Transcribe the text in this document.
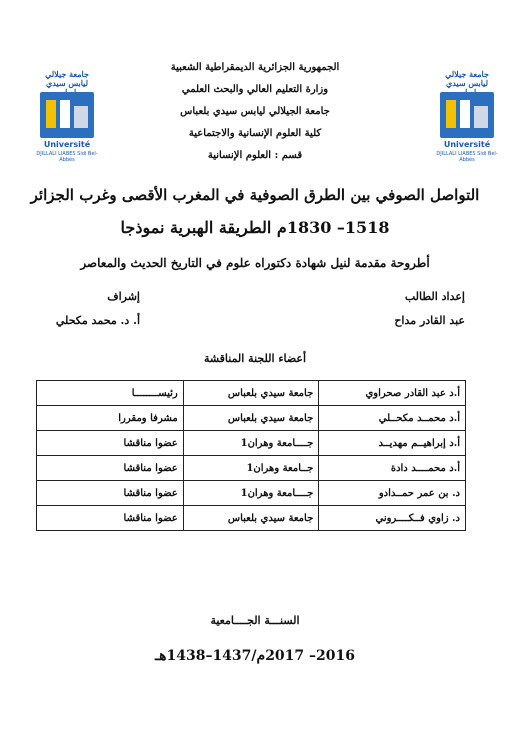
جامعة جيلالي ليابس سيدي
Université
DJILLALI LIABES Sidi Bel-Abbès
جامعة جيلالي ليابس سيدي
Université
DJILLALI LIABES Sidi Bel-Abbès
الجمهورية الجزائرية الديمقراطية الشعبية
وزارة التعليم العالي والبحث العلمي
جامعة الجيلالي ليابس سيدي بلعباس
كلية العلوم الإنسانية والاجتماعية
قسم : العلوم الإنسانية
التواصل الصوفي بين الطرق الصوفية في المغرب الأقصى وغرب الجزائر
1518– 1830م الطريقة الهبرية نموذجا
أطروحة مقدمة لنيل شهادة دكتوراه علوم في التاريخ الحديث والمعاصر
إعداد الطالب
عبد القادر مداح
إشراف
أ. د. محمد مكحلي
أعضاء اللجنة المناقشة
أ.د عبد القادر صحراوي	جامعة سيدي بلعباس	رئيســــــــا
أ.د محمــد مكحــلي	جامعة سيدي بلعباس	مشرفا ومقررا
أ.د إبراهيــم مهديــد	جــــامعة وهران1	عضوا مناقشا
أ.د محمــــد دادة	جــامعة وهران1	عضوا مناقشا
د. بن عمر حمــدادو	جــــامعة وهران1	عضوا مناقشا
د. زاوي فــكــــروني	جامعة سيدي بلعباس	عضوا مناقشا
السنـــة الجــــامعية
2016– 2017م/1437–1438هـ
